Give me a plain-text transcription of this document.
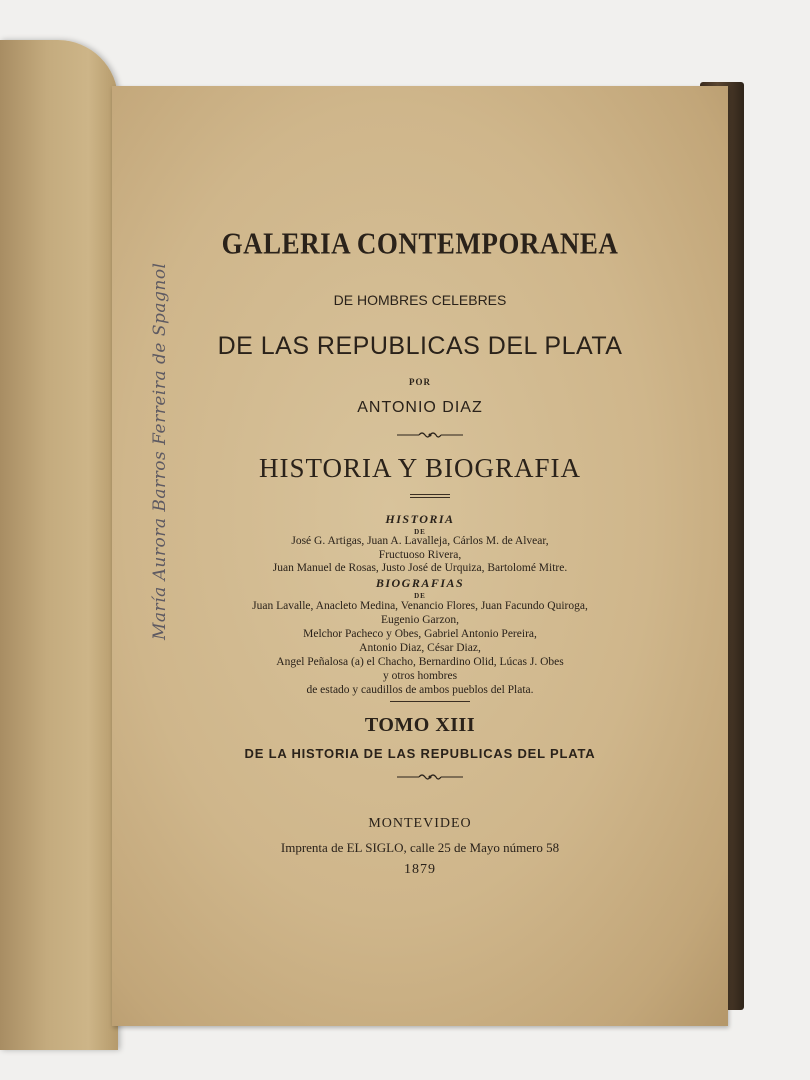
María Aurora Barros Ferreira de Spagnol
GALERIA CONTEMPORANEA
DE HOMBRES CELEBRES
DE LAS REPUBLICAS DEL PLATA
POR
ANTONIO DIAZ
HISTORIA Y BIOGRAFIA
HISTORIA
DE
José G. Artigas, Juan A. Lavalleja, Cárlos M. de Alvear,
Fructuoso Rivera,
Juan Manuel de Rosas, Justo José de Urquiza, Bartolomé Mitre.
BIOGRAFIAS
DE
Juan Lavalle, Anacleto Medina, Venancio Flores, Juan Facundo Quiroga,
Eugenio Garzon,
Melchor Pacheco y Obes, Gabriel Antonio Pereira,
Antonio Diaz, César Diaz,
Angel Peñalosa (a) el Chacho, Bernardino Olid, Lúcas J. Obes
y otros hombres
de estado y caudillos de ambos pueblos del Plata.
TOMO XIII
DE LA HISTORIA DE LAS REPUBLICAS DEL PLATA
MONTEVIDEO
Imprenta de EL SIGLO, calle 25 de Mayo número 58
1879
